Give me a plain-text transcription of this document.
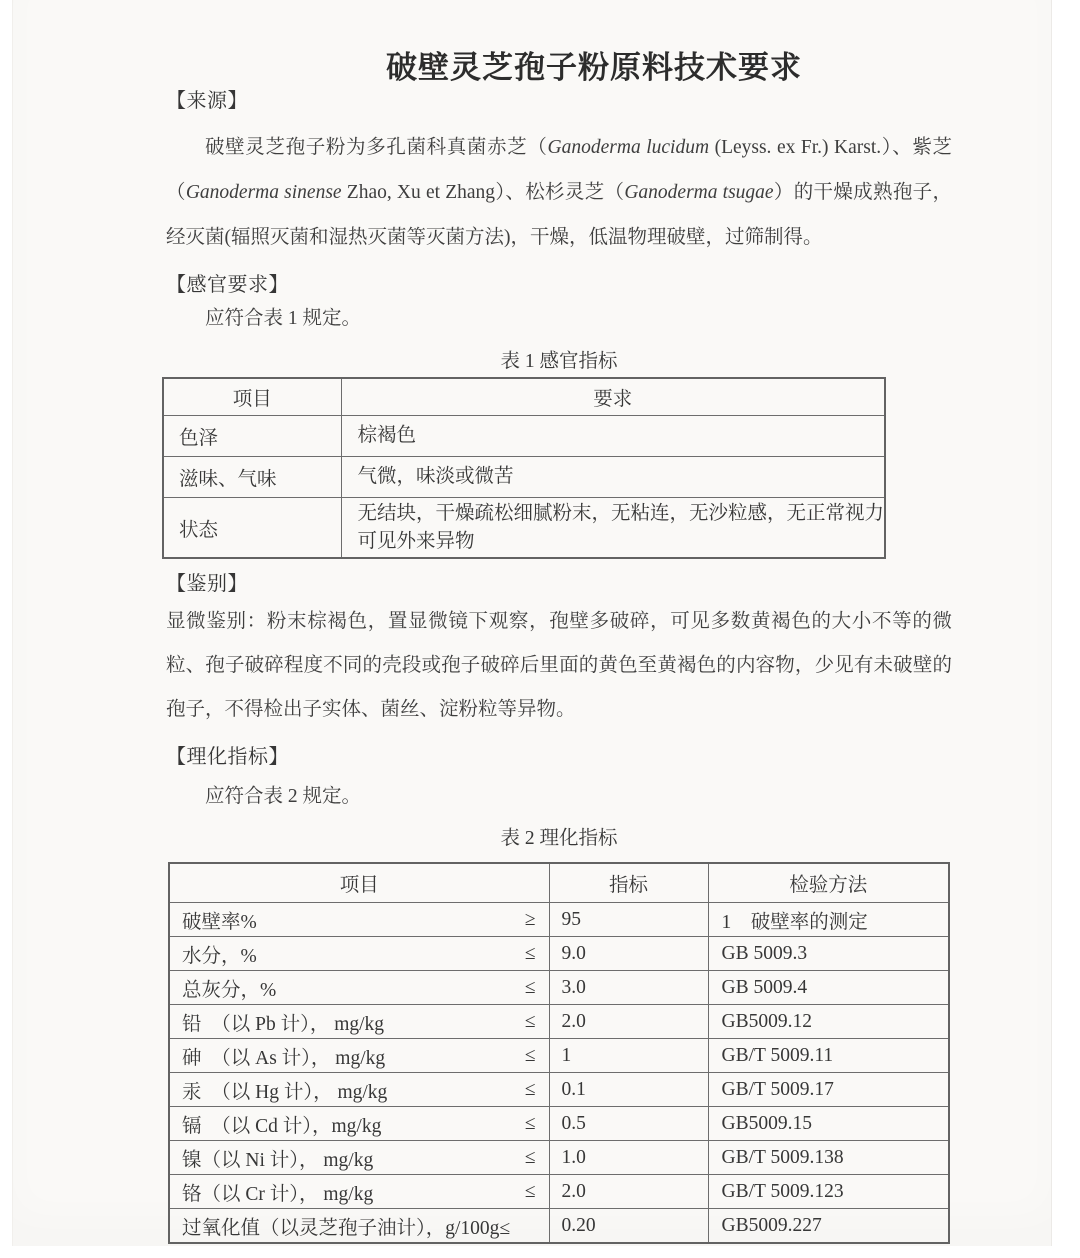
破壁灵芝孢子粉原料技术要求
【来源】
破壁灵芝孢子粉为多孔菌科真菌赤芝（Ganoderma lucidum (Leyss. ex Fr.) Karst.）、紫芝（Ganoderma sinense Zhao, Xu et Zhang）、松杉灵芝（Ganoderma tsugae）的干燥成熟孢子，经灭菌(辐照灭菌和湿热灭菌等灭菌方法)，干燥，低温物理破壁，过筛制得。
【感官要求】
应符合表 1 规定。
表 1 感官指标
项目	要求
色泽	棕褐色
滋味、气味	气微，味淡或微苦
状态	无结块，干燥疏松细腻粉末，无粘连，无沙粒感，无正常视力可见外来异物
【鉴别】
显微鉴别：粉末棕褐色，置显微镜下观察，孢壁多破碎，可见多数黄褐色的大小不等的微粒、孢子破碎程度不同的壳段或孢子破碎后里面的黄色至黄褐色的内容物，少见有未破壁的孢子，不得检出子实体、菌丝、淀粉粒等异物。
【理化指标】
应符合表 2 规定。
表 2 理化指标
项目	指标	检验方法

破壁率% ≥	95	1　破壁率的测定

水分，% ≤	9.0	GB 5009.3

总灰分，% ≤	3.0	GB 5009.4

铅　（以 Pb 计）， mg/kg ≤	2.0	GB5009.12

砷　（以 As 计）， mg/kg ≤	1	GB/T 5009.11

汞　（以 Hg 计）， mg/kg ≤	0.1	GB/T 5009.17

镉　（以 Cd 计），mg/kg ≤	0.5	GB5009.15

镍（以 Ni 计）， mg/kg ≤	1.0	GB/T 5009.138

铬（以 Cr 计）， mg/kg ≤	2.0	GB/T 5009.123

过氧化值（以灵芝孢子油计），g/100g≤	0.20	GB5009.227
